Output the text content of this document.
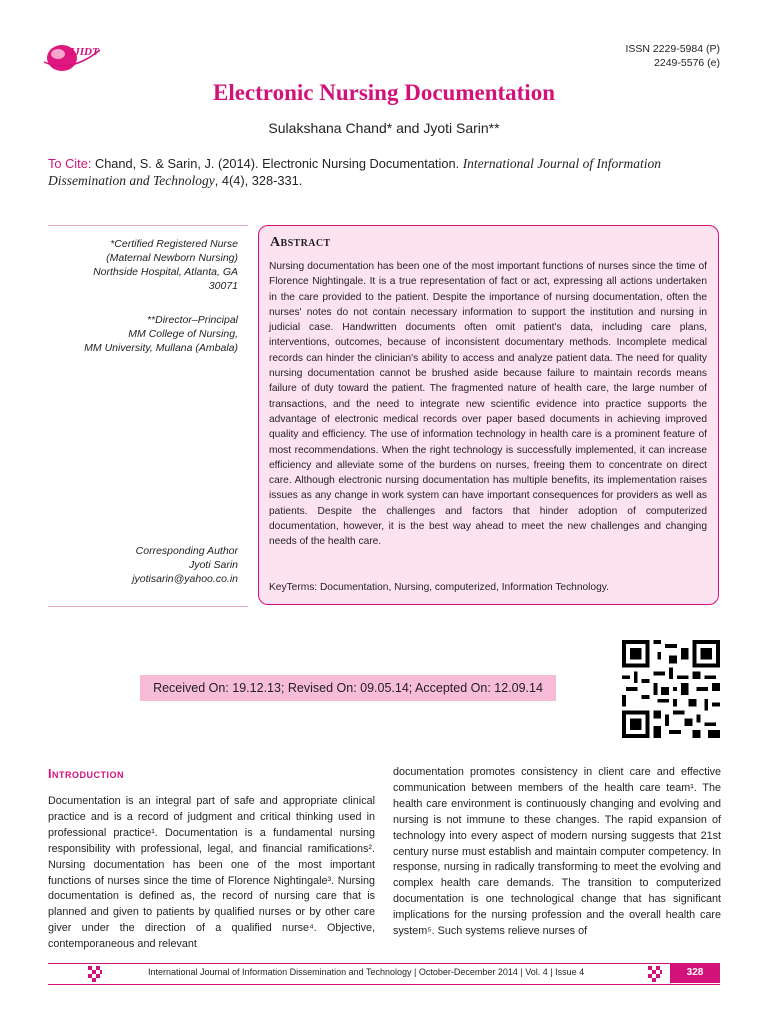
IJIDT	ISSN 2229-5984 (P)
2249-5576 (e)
Electronic Nursing Documentation
Sulakshana Chand* and Jyoti Sarin**
To Cite: Chand, S. & Sarin, J. (2014). Electronic Nursing Documentation. International Journal of Information Dissemination and Technology, 4(4), 328-331.
*Certified Registered Nurse
(Maternal Newborn Nursing)
Northside Hospital, Atlanta, GA
30071
**Director–Principal
MM College of Nursing,
MM University, Mullana (Ambala)
Corresponding Author
Jyoti Sarin
jyotisarin@yahoo.co.in
Abstract

Nursing documentation has been one of the most important functions of nurses since the time of Florence Nightingale. It is a true representation of fact or act, expressing all actions undertaken in the care provided to the patient. Despite the importance of nursing documentation, often the nurses' notes do not contain necessary information to support the institution and nursing in judicial case. Handwritten documents often omit patient's data, including care plans, interventions, outcomes, because of inconsistent documentary methods. Incomplete medical records can hinder the clinician's ability to access and analyze patient data. The need for quality nursing documentation cannot be brushed aside because failure to maintain records means failure of duty toward the patient. The fragmented nature of health care, the large number of transactions, and the need to integrate new scientific evidence into practice supports the advantage of electronic medical records over paper based documents in achieving improved quality and efficiency. The use of information technology in health care is a prominent feature of most recommendations. When the right technology is successfully implemented, it can increase efficiency and alleviate some of the burdens on nurses, freeing them to concentrate on direct care. Although electronic nursing documentation has multiple benefits, its implementation raises issues as any change in work system can have important consequences for providers as well as patients. Despite the challenges and factors that hinder adoption of computerized documentation, however, it is the best way ahead to meet the new challenges and changing needs of the health care.

KeyTerms: Documentation, Nursing, computerized, Information Technology.
Received On: 19.12.13; Revised On: 09.05.14; Accepted On: 12.09.14
Introduction

Documentation is an integral part of safe and appropriate clinical practice and is a record of judgment and critical thinking used in professional practice¹. Documentation is a fundamental nursing responsibility with professional, legal, and financial ramifications². Nursing documentation has been one of the most important functions of nurses since the time of Florence Nightingale³. Nursing documentation is defined as, the record of nursing care that is planned and given to patients by qualified nurses or by other care giver under the direction of a qualified nurse⁴. Objective, contemporaneous and relevant

documentation promotes consistency in client care and effective communication between members of the health care team¹. The health care environment is continuously changing and evolving and nursing is not immune to these changes. The rapid expansion of technology into every aspect of modern nursing suggests that 21st century nurse must establish and maintain computer competency. In response, nursing in radically transforming to meet the evolving and complex health care demands. The transition to computerized documentation is one technological change that has significant implications for the nursing profession and the overall health care system⁵. Such systems relieve nurses of

International Journal of Information Dissemination and Technology | October-December 2014 | Vol. 4 | Issue 4	328
